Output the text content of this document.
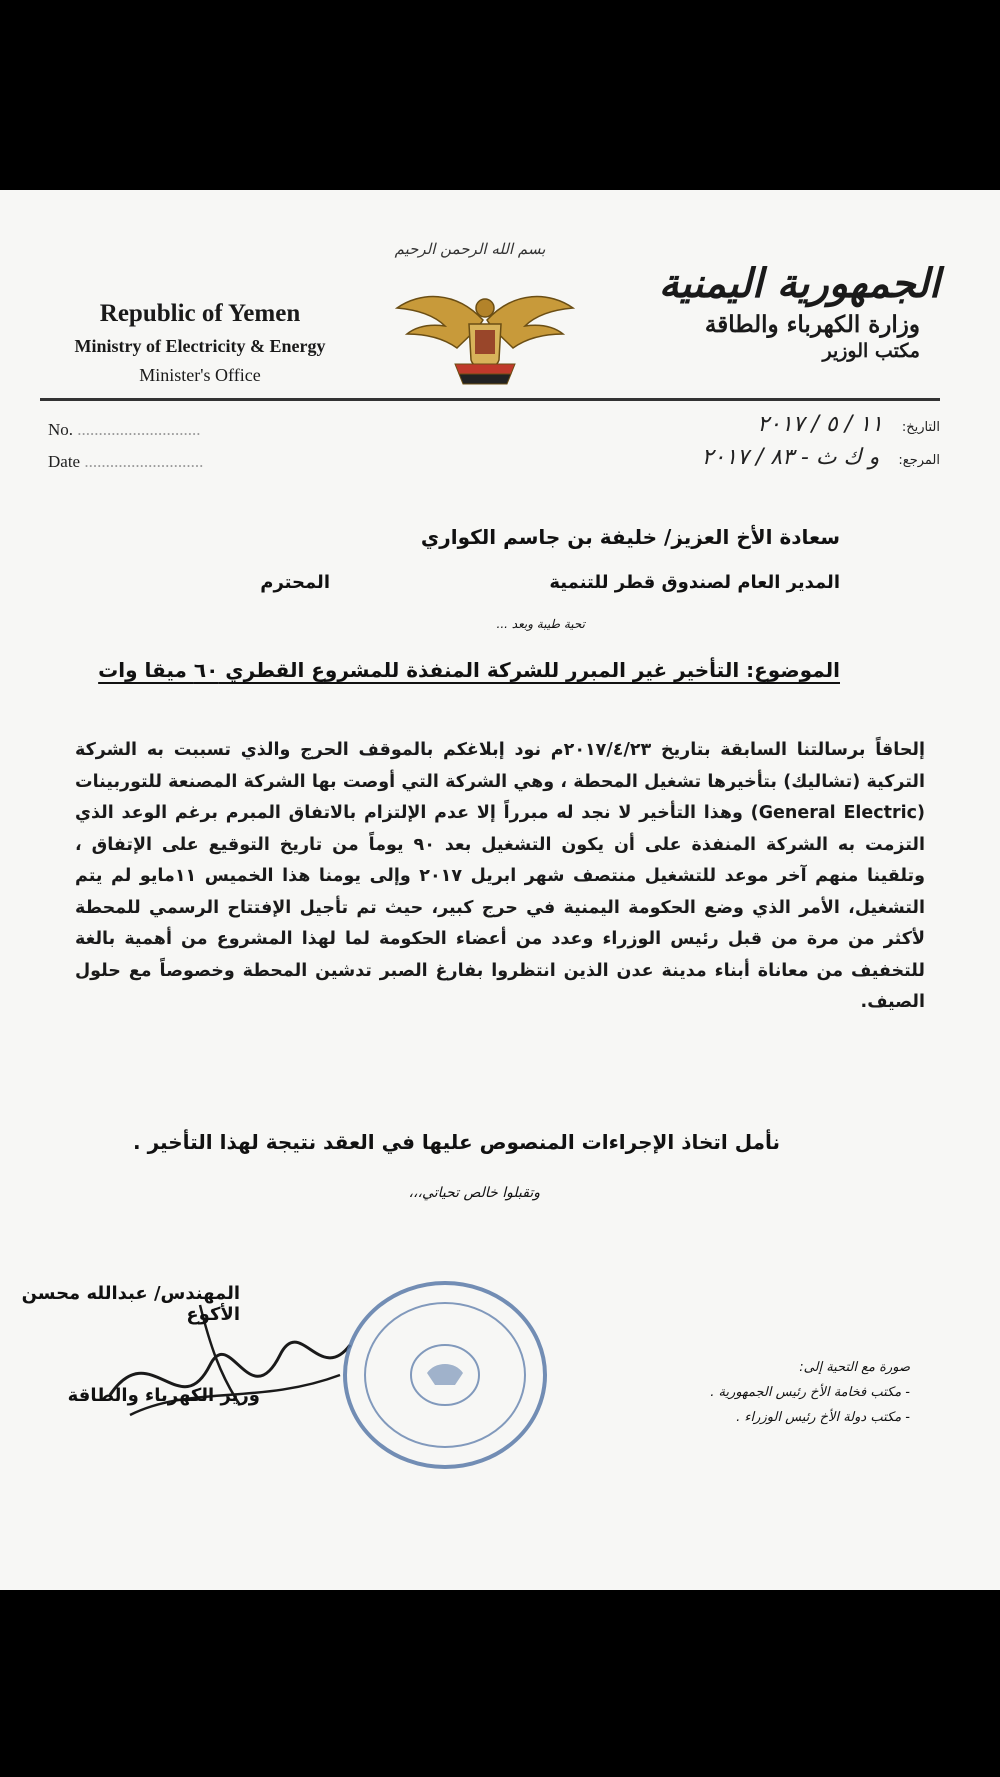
بسم الله الرحمن الرحيم
Republic of Yemen
Ministry of Electricity & Energy
Minister's Office
الجمهورية اليمنية
وزارة الكهرباء والطاقة
مكتب الوزير
No. .............................
Date ............................
التاريخ: ١١ / ٥ / ٢٠١٧
المرجع: و ك ث - ٨٣ / ٢٠١٧
سعادة الأخ العزيز/ خليفة بن جاسم الكواري
المدير العام لصندوق قطر للتنمية
المحترم
تحية طيبة وبعد ...
الموضوع: التأخير غير المبرر للشركة المنفذة للمشروع القطري ٦٠ ميقا وات

إلحاقاً برسالتنا السابقة بتاريخ ٢٠١٧/٤/٢٣م نود إبلاغكم بالموقف الحرج والذي تسببت به الشركة التركية (تشاليك) بتأخيرها تشغيل المحطة ، وهي الشركة التي أوصت بها الشركة المصنعة للتوربينات (General Electric) وهذا التأخير لا نجد له مبرراً إلا عدم الإلتزام بالاتفاق المبرم برغم الوعد الذي التزمت به الشركة المنفذة على أن يكون التشغيل بعد ٩٠ يوماً من تاريخ التوقيع على الإتفاق ، وتلقينا منهم آخر موعد للتشغيل منتصف شهر ابريل ٢٠١٧ وإلى يومنا هذا الخميس ١١مايو لم يتم التشغيل، الأمر الذي وضع الحكومة اليمنية في حرج كبير، حيث تم تأجيل الإفتتاح الرسمي للمحطة لأكثر من مرة من قبل رئيس الوزراء وعدد من أعضاء الحكومة لما لهذا المشروع من أهمية بالغة للتخفيف من معاناة أبناء مدينة عدن الذين انتظروا بفارغ الصبر تدشين المحطة وخصوصاً مع حلول الصيف.

نأمل اتخاذ الإجراءات المنصوص عليها في العقد نتيجة لهذا التأخير .
وتقبلوا خالص تحياتي،،،
المهندس/ عبدالله محسن الأكوع
وزير الكهرباء والطاقة
صورة مع التحية إلى:
- مكتب فخامة الأخ رئيس الجمهورية .
- مكتب دولة الأخ رئيس الوزراء .
